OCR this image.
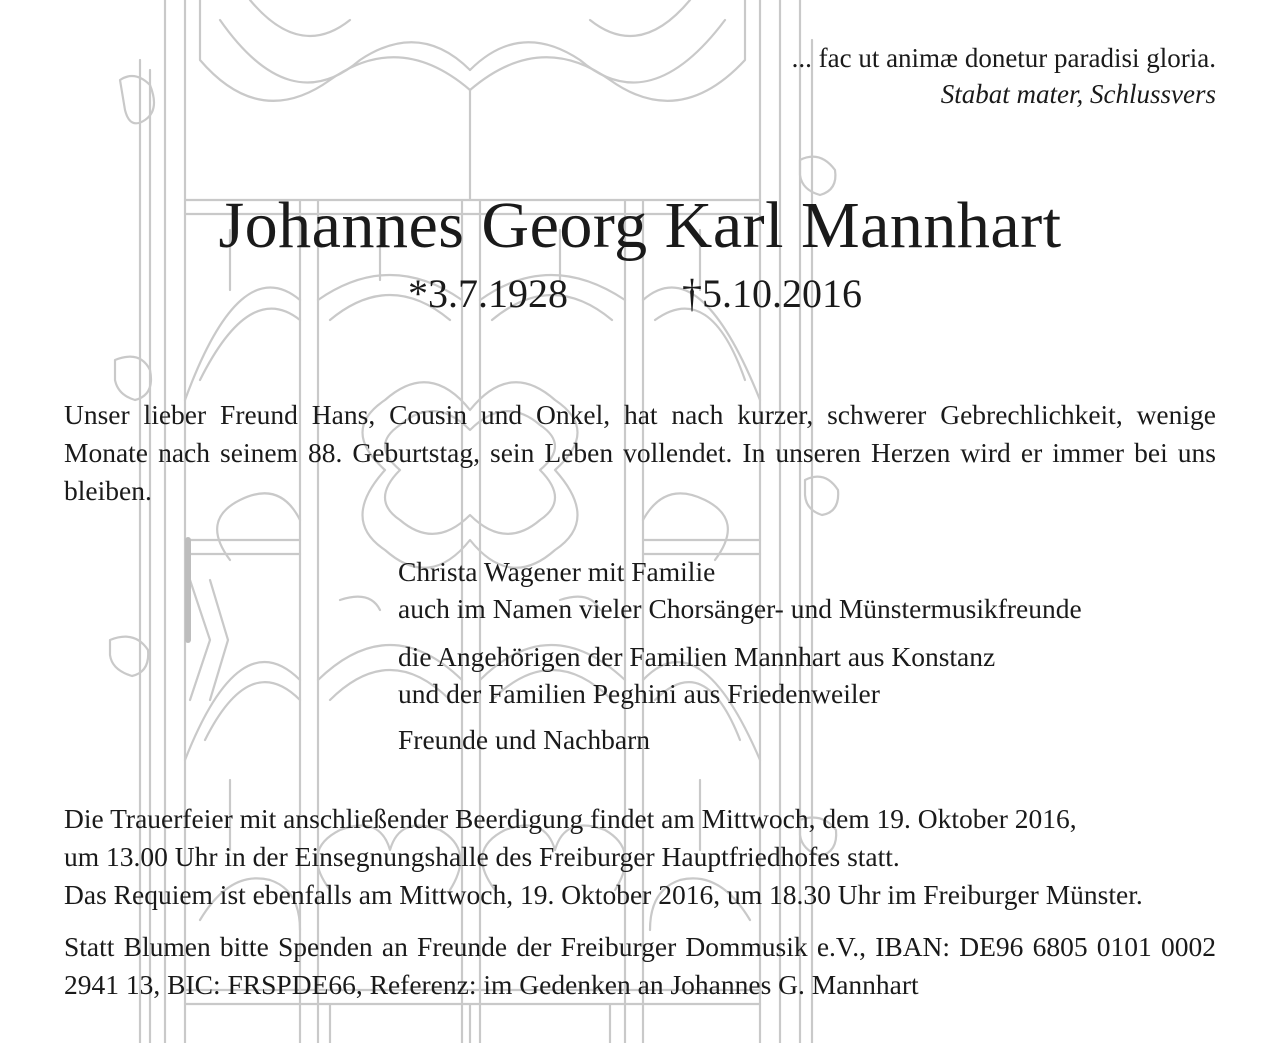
... fac ut animæ donetur paradisi gloria.
Stabat mater, Schlussvers
Johannes Georg Karl Mannhart
*3.7.1928	†5.10.2016
Unser lieber Freund Hans, Cousin und Onkel, hat nach kurzer, schwerer Gebrechlichkeit, wenige Monate nach seinem 88. Geburtstag, sein Leben vollendet. In unseren Herzen wird er immer bei uns bleiben.
Christa Wagener mit Familie
auch im Namen vieler Chorsänger- und Münstermusikfreunde
die Angehörigen der Familien Mannhart aus Konstanz
und der Familien Peghini aus Friedenweiler
Freunde und Nachbarn
Die Trauerfeier mit anschließender Beerdigung findet am Mittwoch, dem 19. Oktober 2016,
um 13.00 Uhr in der Einsegnungshalle des Freiburger Hauptfriedhofes statt.
Das Requiem ist ebenfalls am Mittwoch, 19. Oktober 2016, um 18.30 Uhr im Freiburger Münster.
Statt Blumen bitte Spenden an Freunde der Freiburger Dommusik e.V., IBAN: DE96 6805 0101 0002 2941 13, BIC: FRSPDE66, Referenz: im Gedenken an Johannes G. Mannhart
